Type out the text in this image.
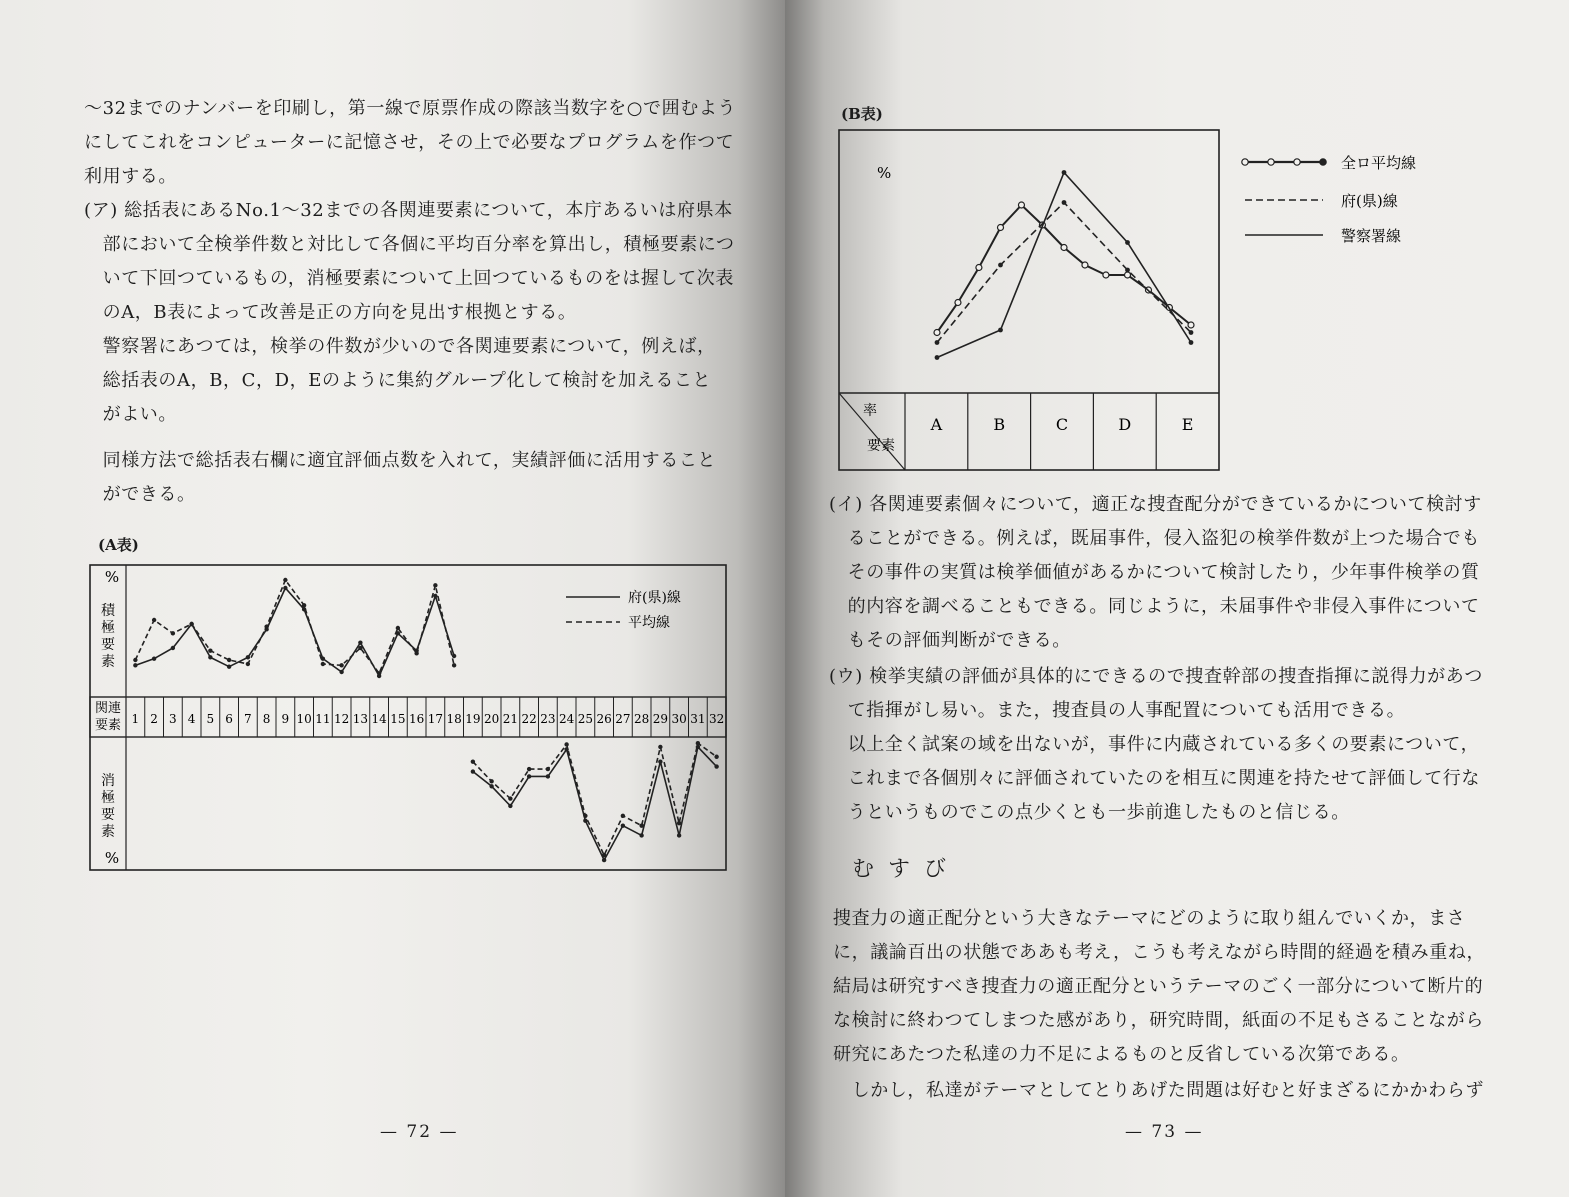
〜32までのナンバーを印刷し，第一線で原票作成の際該当数字を○で囲むよう
にしてこれをコンピューターに記憶させ，その上で必要なプログラムを作つて
利用する。
(ア) 総括表にあるNo.1〜32までの各関連要素について，本庁あるいは府県本
　部において全検挙件数と対比して各個に平均百分率を算出し，積極要素につ
　いて下回つているもの，消極要素について上回つているものをは握して次表
　のA，B表によって改善是正の方向を見出す根拠とする。
　警察署にあつては，検挙の件数が少いので各関連要素について，例えば，
　総括表のA，B，C，D，Eのように集約グループ化して検討を加えること
　がよい。
　同様方法で総括表右欄に適宜評価点数を入れて，実績評価に活用すること
　ができる。
(A表)
1 2 3 4 5 6 7 8 9 10 11 12 13 14 15 16 17 18 19 20 21 22 23 24 25 26 27 28 29 30 31 32
関連要素
%
%
積極要素
消極要素
府(県)線
平均線
— 72 —
(B表)
率
要素
%
A	B	C	D	E
全ロ平均線
府(県)線
警察署線
(イ) 各関連要素個々について，適正な捜査配分ができているかについて検討す
　ることができる。例えば，既届事件，侵入盗犯の検挙件数が上つた場合でも
　その事件の実質は検挙価値があるかについて検討したり，少年事件検挙の質
　的内容を調べることもできる。同じように，未届事件や非侵入事件について
　もその評価判断ができる。
(ウ) 検挙実績の評価が具体的にできるので捜査幹部の捜査指揮に説得力があつ
　て指揮がし易い。また，捜査員の人事配置についても活用できる。
　以上全く試案の域を出ないが，事件に内蔵されている多くの要素について，
　これまで各個別々に評価されていたのを相互に関連を持たせて評価して行な
　うというものでこの点少くとも一歩前進したものと信じる。
むすび
捜査力の適正配分という大きなテーマにどのように取り組んでいくか，まさ
に，議論百出の状態でああも考え，こうも考えながら時間的経過を積み重ね，
結局は研究すべき捜査力の適正配分というテーマのごく一部分について断片的
な検討に終わつてしまつた感があり，研究時間，紙面の不足もさることながら
研究にあたつた私達の力不足によるものと反省している次第である。
　しかし，私達がテーマとしてとりあげた問題は好むと好まざるにかかわらず
— 73 —
